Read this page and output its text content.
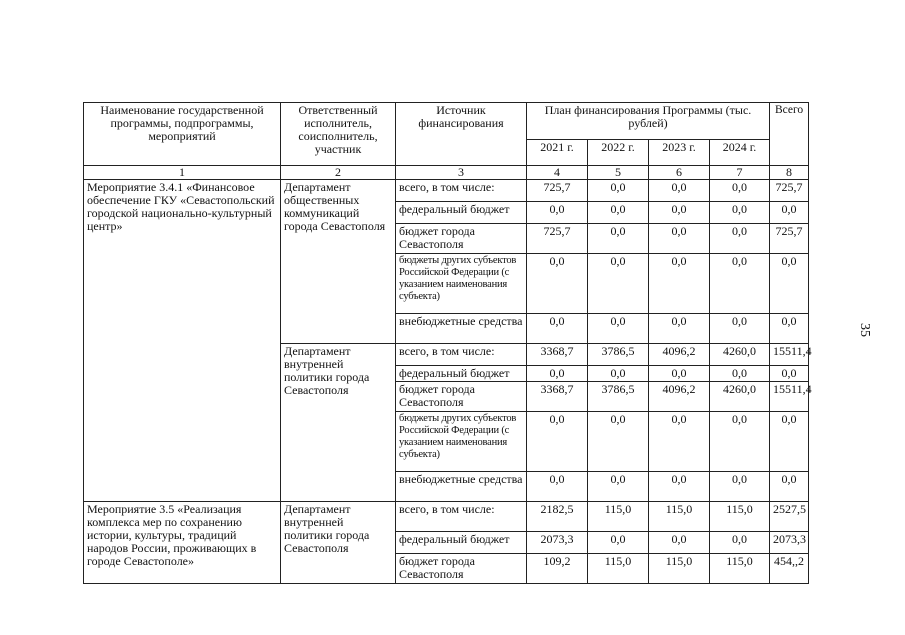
35
Наименование государственной программы, подпрограммы, мероприятий	Ответственный исполнитель, соисполнитель, участник	Источник финансирования	План финансирования Программы (тыс. рублей)				Всего
			2021 г.	2022 г.	2023 г.	2024 г.	
1	2	3	4	5	6	7	8
Мероприятие 3.4.1 «Финансовое обеспечение ГКУ «Севастопольский городской национально-культурный центр»	Департамент общественных коммуникаций города Севастополя	всего, в том числе:	725,7	0,0	0,0	0,0	725,7
		федеральный бюджет	0,0	0,0	0,0	0,0	0,0
		бюджет города Севастополя	725,7	0,0	0,0	0,0	725,7
		бюджеты других субъектов Российской Федерации (с указанием наименования субъекта)	0,0	0,0	0,0	0,0	0,0
		внебюджетные средства	0,0	0,0	0,0	0,0	0,0
	Департамент внутренней политики города Севастополя	всего, в том числе:	3368,7	3786,5	4096,2	4260,0	15511,4
		федеральный бюджет	0,0	0,0	0,0	0,0	0,0
		бюджет города Севастополя	3368,7	3786,5	4096,2	4260,0	15511,4
		бюджеты других субъектов Российской Федерации (с указанием наименования субъекта)	0,0	0,0	0,0	0,0	0,0
		внебюджетные средства	0,0	0,0	0,0	0,0	0,0
Мероприятие 3.5 «Реализация комплекса мер по сохранению истории, культуры, традиций народов России, проживающих в городе Севастополе»	Департамент внутренней политики города Севастополя	всего, в том числе:	2182,5	115,0	115,0	115,0	2527,5
		федеральный бюджет	2073,3	0,0	0,0	0,0	2073,3
		бюджет города Севастополя	109,2	115,0	115,0	115,0	454,,2
